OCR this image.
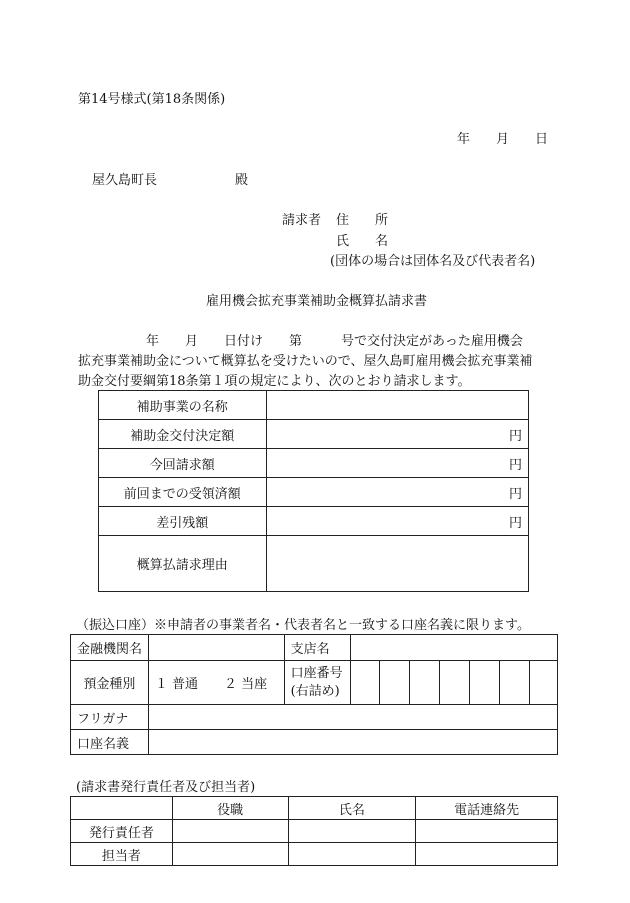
第14号様式(第18条関係)
年　　月　　日
屋久島町長　　　　　　殿
請求者 住　　所
氏　　名
(団体の場合は団体名及び代表者名)
雇用機会拡充事業補助金概算払請求書
年　　月　　日付け　　第　　　号で交付決定があった雇用機会
拡充事業補助金について概算払を受けたいので、屋久島町雇用機会拡充事業補
助金交付要綱第18条第１項の規定により、次のとおり請求します。
補助事業の名称	
補助金交付決定額	円
今回請求額	円
前回までの受領済額	円
差引残額	円
概算払請求理由	
（振込口座）※申請者の事業者名・代表者名と一致する口座名義に限ります。
金融機関名		支店名							
預金種別	１ 普通　　２ 当座	口座番号
(右詰め)							

フリガナ									
口座名義									
(請求書発行責任者及び担当者)
	役職	氏名	電話連絡先
発行責任者			
担当者			
